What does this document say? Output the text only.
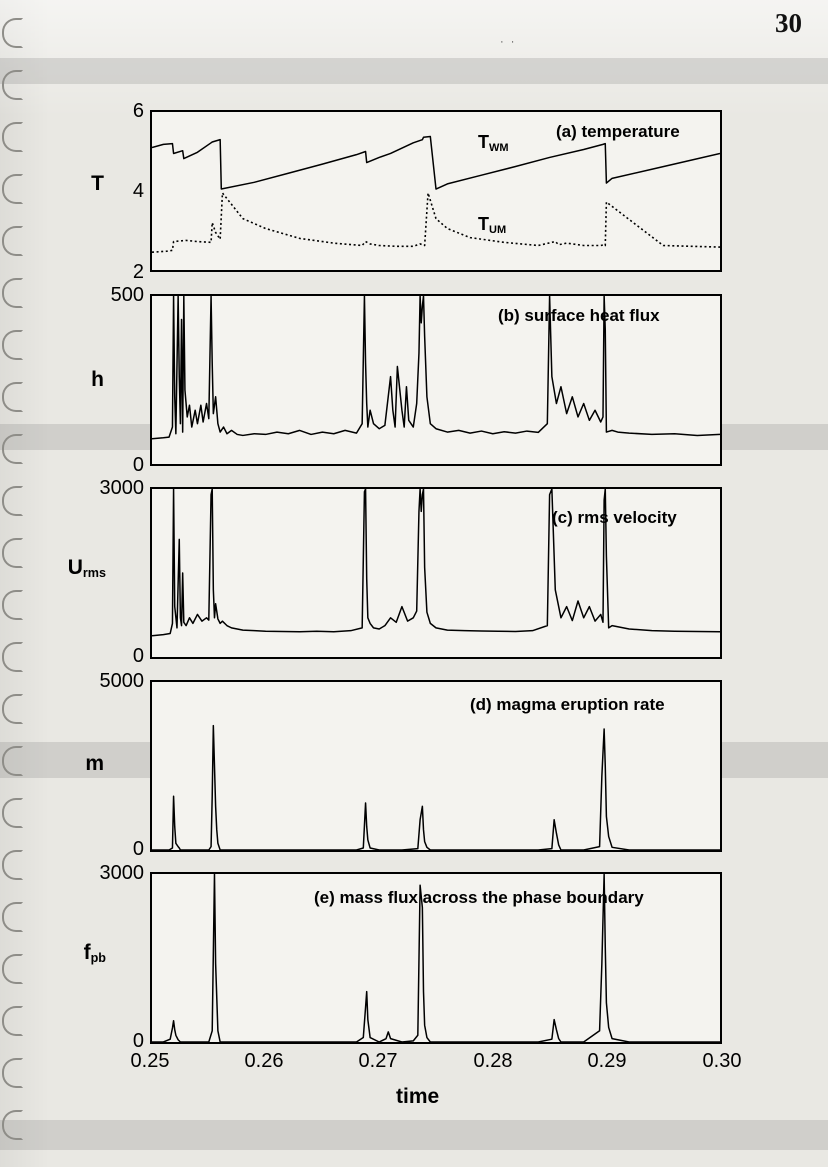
30
· ·
6
4
2
T
(a) temperature
$T_{WM}$
$T_{UM}$
500
0
h
(b) surface heat flux
3000
0
$U_{rms}$
(c) rms velocity
5000
0
m
(d) magma eruption rate
3000
0
$f_{pb}$
(e) mass flux across the phase boundary
0.25	0.26	0.27	0.28	0.29	0.30
time
